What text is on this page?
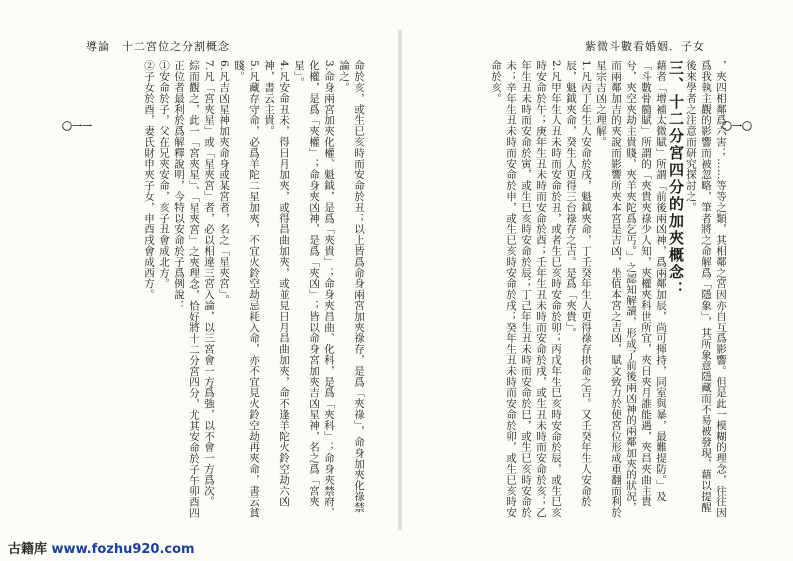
導論　十二宮位之分割概念	紫微斗數看婚姻．子女
〇一一	〇一〇

，夾四相鄰爲六害；……等等之類，其相鄰之宮因亦自互爲影響。但是此一模糊的理念，往往因爲我執主觀的影響而被忽略，筆者將之命解爲「隱象」，其所象意隱藏而不易被發現，藉以提醒後來學者之注意而研究探討之。

三、十二分宮四分的加夾概念：

藉者「增補太微賦」所謂「前後兩凶神，爲兩鄰加辰，尚可揮持，同室與暴，最難提防。」及「斗數骨髓賦」所謂的「夾貴夾祿少人知，夾權夾科世所宜，夾日夾月誰能遇，夾昌夾曲主貴兮，夾空夾劫主貴賤，夾羊夾陀爲乞丐。」之認知解讀，形成了前後兩凶神的兩鄰加夾的狀況，而兩鄰加吉的夾說而影響所夾本宮是吉凶，坐值本宮之吉凶，賦文致力於使宮位形成重翻而利於星宗吉凶之理解。

1.凡丙丁年生人安命於戌，魁鉞夾命，丁壬癸年生人更得祿存拱命之吉。又壬癸年生人安命於辰，魁鉞夾命，癸生人更得三台祿存之吉。是爲「夾貴」。

2.凡甲年生人丑未時而安命於丑，或者生巳亥時安命於卯；丙戊年生巳亥時安命於辰，或生巳亥時安命於午；庚年生丑未時而安命於酉；壬年生丑未時而安命於戌，或生丑未時而安命於亥；乙年生丑未時而安命於寅，或生巳亥時安命於辰；丁己年生丑未時而安命於巳，或生巳亥時安命於未；辛年生丑未時而安命於申，或生巳亥時安命於戌；癸年生丑未時而安命於卯，或生巳亥時安命於亥。

命於亥，或生巳亥時而安命於丑；以上皆爲命身兩宮加夾祿存，是爲「夾祿」，命身加夾化祿禁論之。

3.命身兩宮加夾化權、魁鉞，是爲「夾貴」；命身夾昌曲、化科，是爲「夾科」；命身夾禁府、化權，是爲「夾權」；命身夾凶神，是爲「夾凶」；皆以命身宮加夾吉凶星神，名之爲「宮夾星」。

4.凡安命丑未，得日月加夾，或得昌曲加夾，或並見日月昌曲加夾，命不逢羊陀火鈴空劫六凶神，書云主貴。

5.凡藏存守命，必爲羊陀二星加夾，不宜火鈴空劫忌耗入命，亦不宜見火鈴空劫再夾命，書云貧賤。

6.凡吉凶星神加夾命身或某宮者，名之「星夾宮」。

7.凡「宮夾星」或「星夾宮」者，必以相違三宮入論，以三宮會一方爲強，以不會一方爲次。

綜而觀之，此一「宮夾星」、「星夾宮」之夾理念，恰好將十二分宮四分，尤其安命於子午卯酉四正位者最利於爲解釋說明，今特以安命於子爲例說：

①安命於子，父在兄夾安命，亥子丑會成北方。

②子女於酉，妻氏財申夾子女，申酉戌會成西方。

古籍库 www.fozhu920.com
